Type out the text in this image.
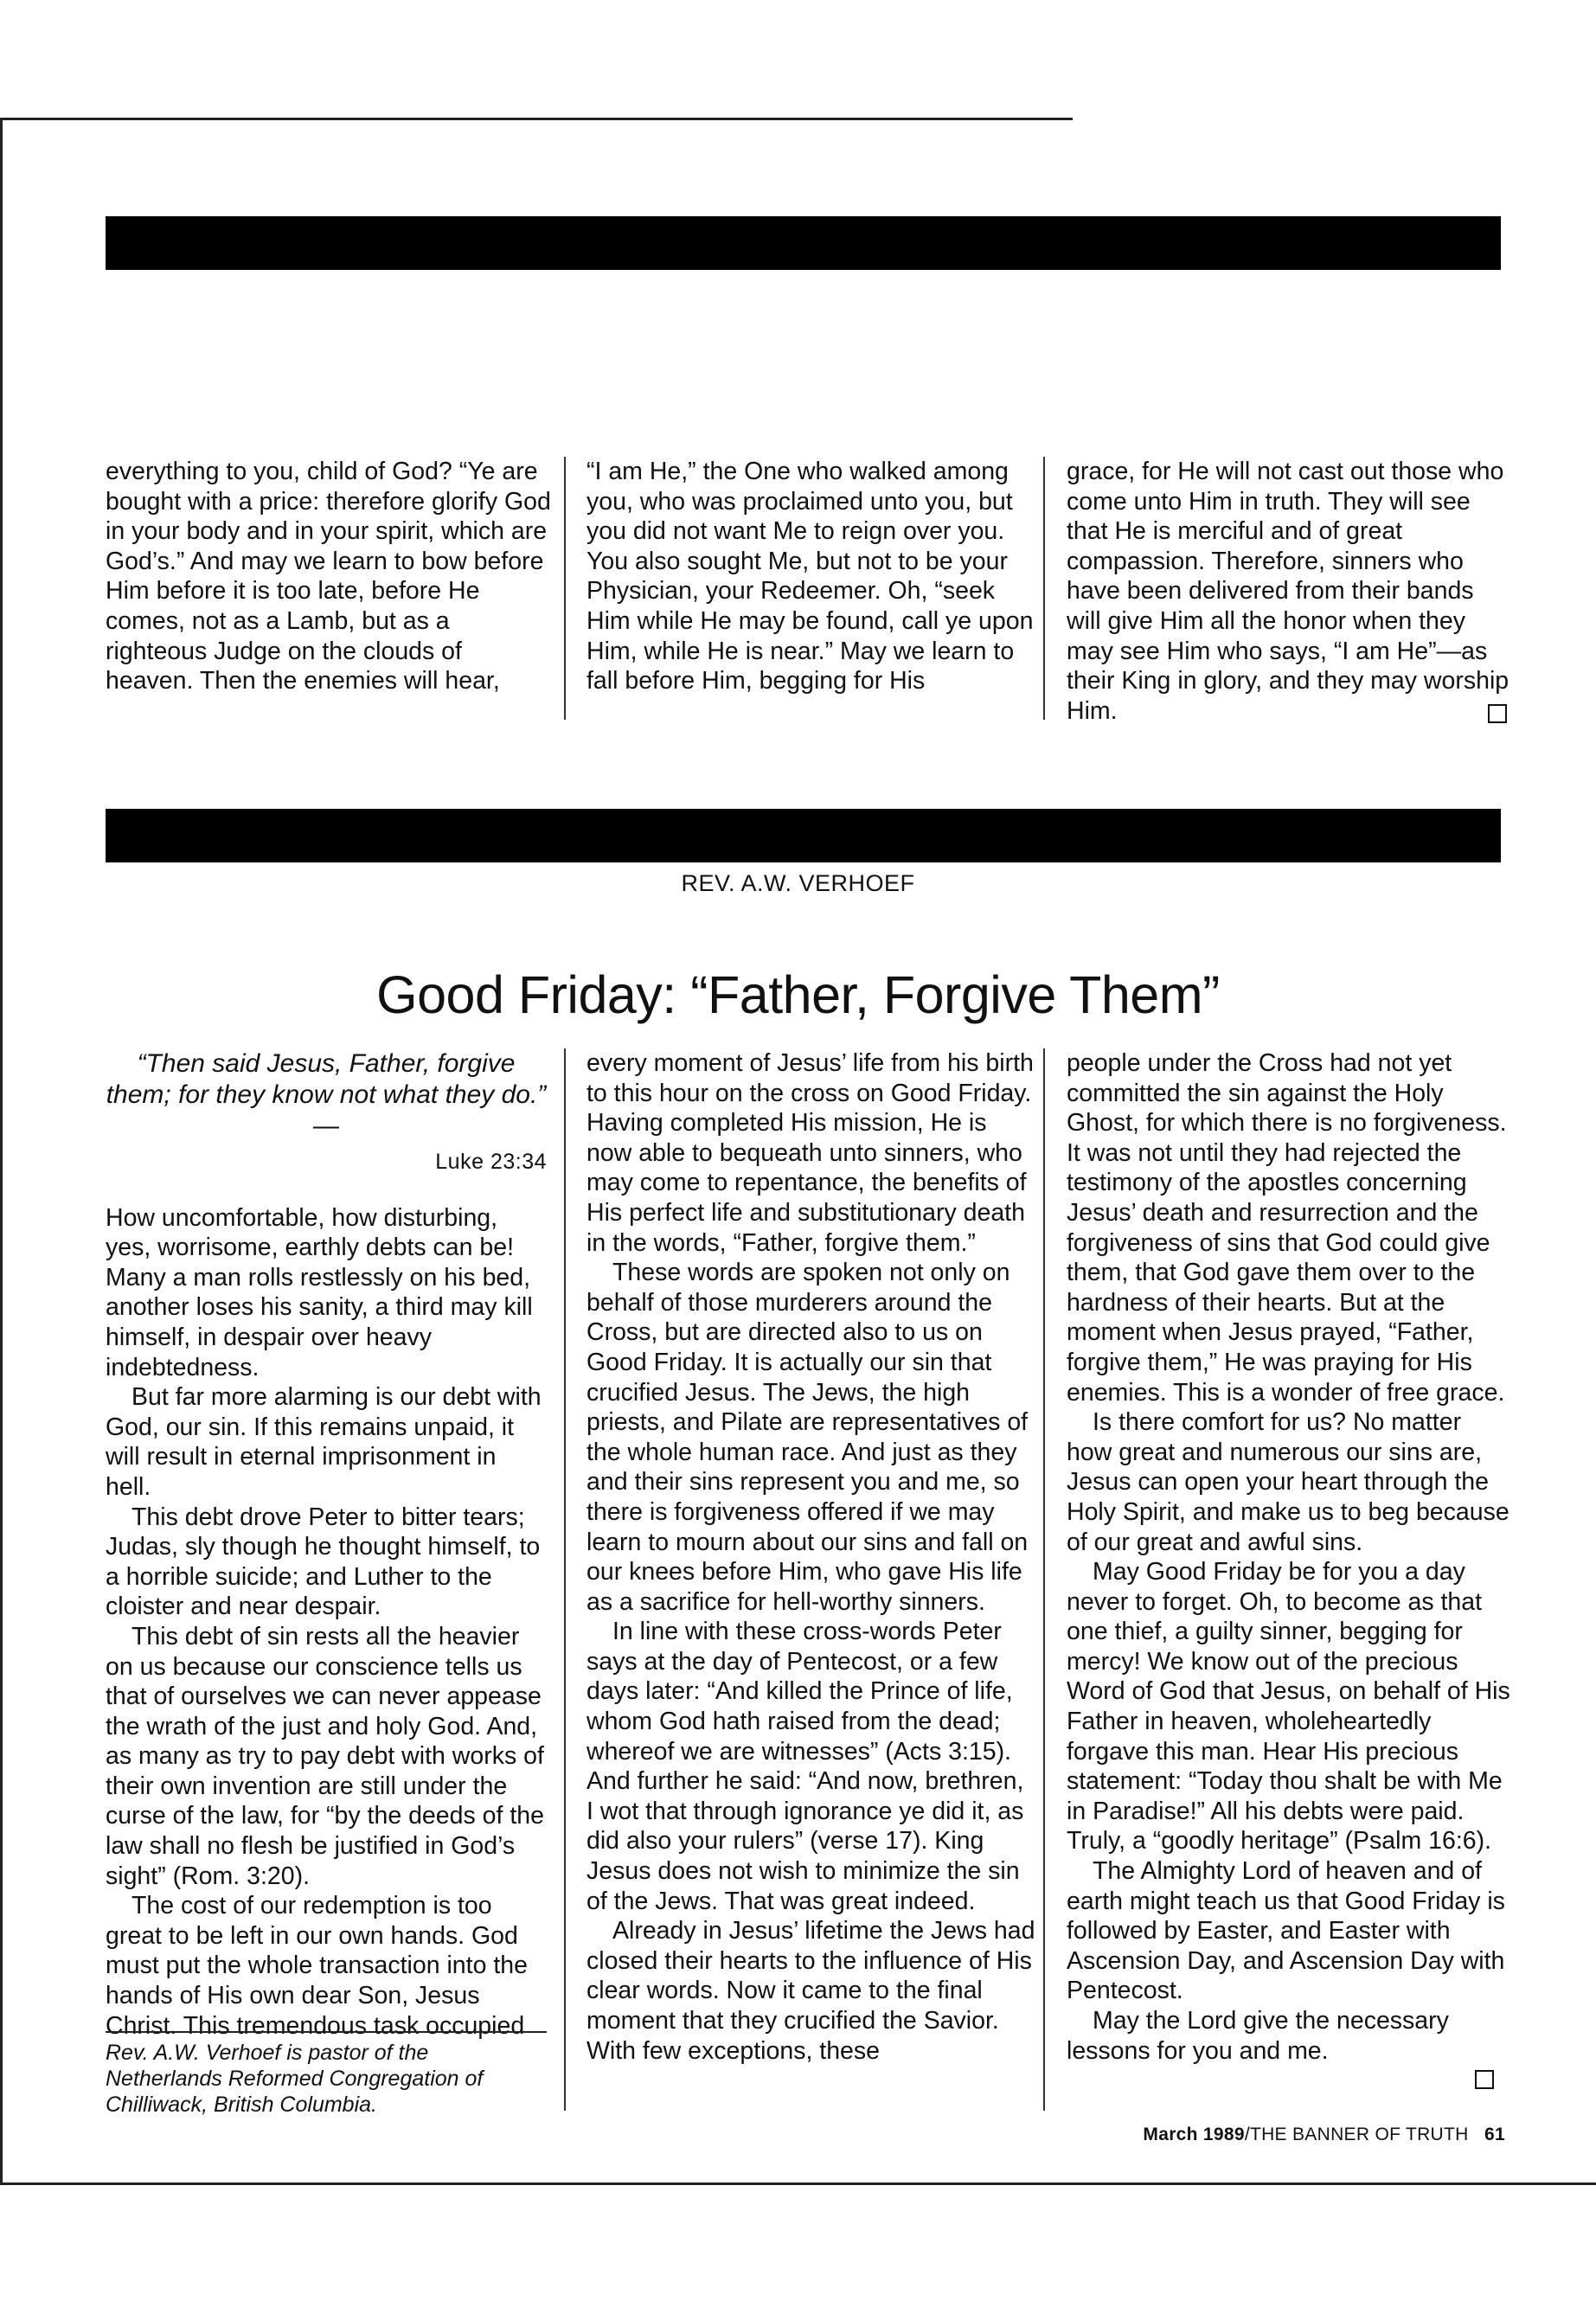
everything to you, child of God? “Ye are bought with a price: therefore glorify God in your body and in your spirit, which are God’s.” And may we learn to bow before Him before it is too late, before He comes, not as a Lamb, but as a righteous Judge on the clouds of heaven. Then the enemies will hear,

“I am He,” the One who walked among you, who was proclaimed unto you, but you did not want Me to reign over you. You also sought Me, but not to be your Physician, your Redeemer. Oh, “seek Him while He may be found, call ye upon Him, while He is near.” May we learn to fall before Him, begging for His

grace, for He will not cast out those who come unto Him in truth. They will see that He is merciful and of great compassion. Therefore, sinners who have been delivered from their bands will give Him all the honor when they may see Him who says, “I am He”—as their King in glory, and they may worship Him.

REV. A.W. VERHOEF
Good Friday: “Father, Forgive Them”

“Then said Jesus, Father, forgive them; for they know not what they do.” —

Luke 23:34

How uncomfortable, how disturbing, yes, worrisome, earthly debts can be! Many a man rolls restlessly on his bed, another loses his sanity, a third may kill himself, in despair over heavy indebtedness.

But far more alarming is our debt with God, our sin. If this remains unpaid, it will result in eternal imprisonment in hell.

This debt drove Peter to bitter tears; Judas, sly though he thought himself, to a horrible suicide; and Luther to the cloister and near despair.

This debt of sin rests all the heavier on us because our conscience tells us that of ourselves we can never appease the wrath of the just and holy God. And, as many as try to pay debt with works of their own invention are still under the curse of the law, for “by the deeds of the law shall no flesh be justified in God’s sight” (Rom. 3:20).

The cost of our redemption is too great to be left in our own hands. God must put the whole transaction into the hands of His own dear Son, Jesus Christ. This tremendous task occupied

Rev. A.W. Verhoef is pastor of the Netherlands Reformed Congregation of Chilliwack, British Columbia.

every moment of Jesus’ life from his birth to this hour on the cross on Good Friday. Having completed His mission, He is now able to bequeath unto sinners, who may come to repentance, the benefits of His perfect life and substitutionary death in the words, “Father, forgive them.”

These words are spoken not only on behalf of those murderers around the Cross, but are directed also to us on Good Friday. It is actually our sin that crucified Jesus. The Jews, the high priests, and Pilate are representatives of the whole human race. And just as they and their sins represent you and me, so there is forgiveness offered if we may learn to mourn about our sins and fall on our knees before Him, who gave His life as a sacrifice for hell-worthy sinners.

In line with these cross-words Peter says at the day of Pentecost, or a few days later: “And killed the Prince of life, whom God hath raised from the dead; whereof we are witnesses” (Acts 3:15). And further he said: “And now, brethren, I wot that through ignorance ye did it, as did also your rulers” (verse 17). King Jesus does not wish to minimize the sin of the Jews. That was great indeed.

Already in Jesus’ lifetime the Jews had closed their hearts to the influence of His clear words. Now it came to the final moment that they crucified the Savior. With few exceptions, these

people under the Cross had not yet committed the sin against the Holy Ghost, for which there is no forgiveness. It was not until they had rejected the testimony of the apostles concerning Jesus’ death and resurrection and the forgiveness of sins that God could give them, that God gave them over to the hardness of their hearts. But at the moment when Jesus prayed, “Father, forgive them,” He was praying for His enemies. This is a wonder of free grace.

Is there comfort for us? No matter how great and numerous our sins are, Jesus can open your heart through the Holy Spirit, and make us to beg because of our great and awful sins.

May Good Friday be for you a day never to forget. Oh, to become as that one thief, a guilty sinner, begging for mercy! We know out of the precious Word of God that Jesus, on behalf of His Father in heaven, wholeheartedly forgave this man. Hear His precious statement: “Today thou shalt be with Me in Paradise!” All his debts were paid. Truly, a “goodly heritage” (Psalm 16:6).

The Almighty Lord of heaven and of earth might teach us that Good Friday is followed by Easter, and Easter with Ascension Day, and Ascension Day with Pentecost.

May the Lord give the necessary lessons for you and me.

March 1989/THE BANNER OF TRUTH 61
